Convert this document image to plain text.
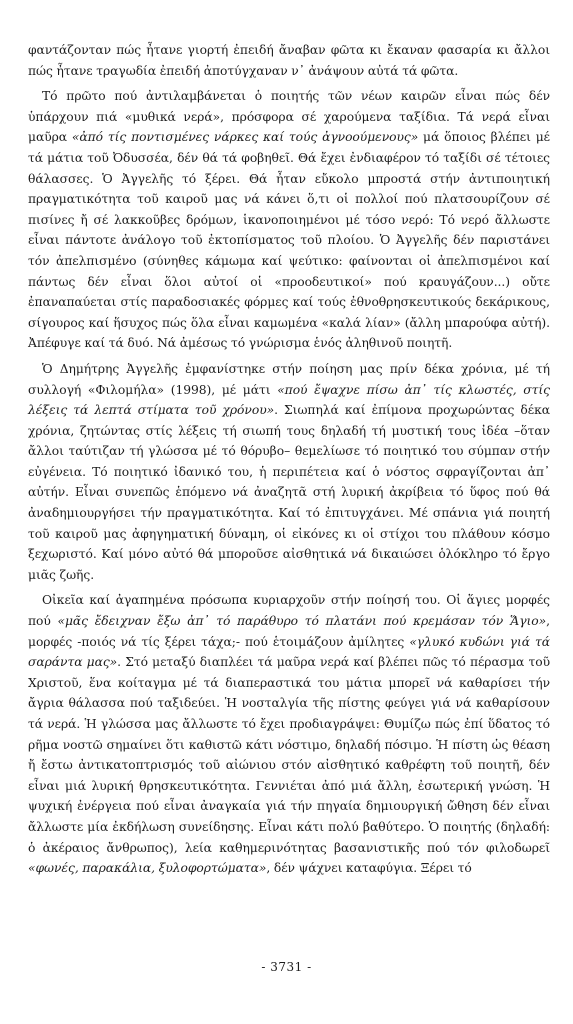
φαντάζονταν πώς ἦτανε γιορτή ἐπειδή ἄναβαν φῶτα κι ἔκαναν φασαρία κι ἄλλοι πώς ἦτανε τραγωδία ἐπειδή ἀποτύγχαναν ν᾿ ἀνάψουν αὐτά τά φῶτα.

Τό πρῶτο πού ἀντιλαμβάνεται ὁ ποιητής τῶν νέων καιρῶν εἶναι πώς δέν ὑπάρχουν πιά «μυθικά νερά», πρόσφορα σέ χαρούμενα ταξίδια. Τά νερά εἶναι μαῦρα «ἀπό τίς ποντισμένες νάρκες καί τούς ἀγνοούμενους» μά ὅποιος βλέπει μέ τά μάτια τοῦ Ὀδυσσέα, δέν θά τά φοβηθεῖ. Θά ἔχει ἐνδιαφέρον τό ταξίδι σέ τέτοιες θάλασσες. Ὁ Ἀγγελῆς τό ξέρει. Θά ἦταν εὔκολο μπροστά στήν ἀντιποιητική πραγματικότητα τοῦ καιροῦ μας νά κάνει ὅ,τι οἱ πολλοί πού πλατσουρίζουν σέ πισίνες ἤ σέ λακκοῦβες δρόμων, ἱκανοποιημένοι μέ τόσο νερό: Τό νερό ἄλλωστε εἶναι πάντοτε ἀνάλογο τοῦ ἐκτοπίσματος τοῦ πλοίου. Ὁ Ἀγγελῆς δέν παριστάνει τόν ἀπελπισμένο (σύνηθες κάμωμα καί ψεύτικο: φαίνονται οἱ ἀπελπισμένοι καί πάντως δέν εἶναι ὅλοι αὐτοί οἱ «προοδευτικοί» πού κραυγάζουν...) οὔτε ἐπαναπαύεται στίς παραδοσιακές φόρμες καί τούς ἐθνοθρησκευτικούς δεκάρικους, σίγουρος καί ἥσυχος πώς ὅλα εἶναι καμωμένα «καλά λίαν» (ἄλλη μπαρούφα αὐτή). Ἀπέφυγε καί τά δυό. Νά ἀμέσως τό γνώρισμα ἑνός ἀληθινοῦ ποιητῆ.

Ὁ Δημήτρης Ἀγγελῆς ἐμφανίστηκε στήν ποίηση μας πρίν δέκα χρόνια, μέ τή συλλογή «Φιλομήλα» (1998), μέ μάτι «πού ἔψαχνε πίσω ἀπ᾿ τίς κλωστές, στίς λέξεις τά λεπτά στίματα τοῦ χρόνου». Σιωπηλά καί ἐπίμονα προχωρώντας δέκα χρόνια, ζητώντας στίς λέξεις τή σιωπή τους δηλαδή τή μυστική τους ἰδέα –ὅταν ἄλλοι ταύτιζαν τή γλώσσα μέ τό θόρυβο– θεμελίωσε τό ποιητικό του σύμπαν στήν εὐγένεια. Τό ποιητικό ἰδανικό του, ἡ περιπέτεια καί ὁ νόστος σφραγίζονται ἀπ᾿ αὐτήν. Εἶναι συνεπῶς ἑπόμενο νά ἀναζητᾶ στή λυρική ἀκρίβεια τό ὕφος πού θά ἀναδημιουργήσει τήν πραγματικότητα. Καί τό ἐπιτυγχάνει. Μέ σπάνια γιά ποιητή τοῦ καιροῦ μας ἀφηγηματική δύναμη, οἱ εἰκόνες κι οἱ στίχοι του πλάθουν κόσμο ξεχωριστό. Καί μόνο αὐτό θά μποροῦσε αἰσθητικά νά δικαιώσει ὁλόκληρο τό ἔργο μιᾶς ζωῆς.

Οἰκεῖα καί ἀγαπημένα πρόσωπα κυριαρχοῦν στήν ποίησή του. Οἱ ἅγιες μορφές πού «μᾶς ἔδειχναν ἔξω ἀπ᾿ τό παράθυρο τό πλατάνι πού κρεμάσαν τόν Ἅγιο», μορφές -ποιός νά τίς ξέρει τάχα;- πού ἑτοιμάζουν ἀμίλητες «γλυκό κυδώνι γιά τά σαράντα μας». Στό μεταξύ διαπλέει τά μαῦρα νερά καί βλέπει πῶς τό πέρασμα τοῦ Χριστοῦ, ἕνα κοίταγμα μέ τά διαπεραστικά του μάτια μπορεῖ νά καθαρίσει τήν ἄγρια θάλασσα πού ταξιδεύει. Ἡ νοσταλγία τῆς πίστης φεύγει γιά νά καθαρίσουν τά νερά. Ἡ γλώσσα μας ἄλλωστε τό ἔχει προδιαγράψει: Θυμίζω πώς ἐπί ὕδατος τό ρῆμα νοστῶ σημαίνει ὅτι καθιστῶ κάτι νόστιμο, δηλαδή πόσιμο. Ἡ πίστη ὡς θέαση ἤ ἔστω ἀντικατοπτρισμός τοῦ αἰώνιου στόν αἰσθητικό καθρέφτη τοῦ ποιητῆ, δέν εἶναι μιά λυρική θρησκευτικότητα. Γεννιέται ἀπό μιά ἄλλη, ἐσωτερική γνώση. Ἡ ψυχική ἐνέργεια πού εἶναι ἀναγκαία γιά τήν πηγαία δημιουργική ὤθηση δέν εἶναι ἄλλωστε μία ἐκδήλωση συνείδησης. Εἶναι κάτι πολύ βαθύτερο. Ὁ ποιητής (δηλαδή: ὁ ἀκέραιος ἄνθρωπος), λεία καθημερινότητας βασανιστικῆς πού τόν φιλοδωρεῖ «φωνές, παρακάλια, ξυλοφορτώματα», δέν ψάχνει καταφύγια. Ξέρει τό

- 3731 -
